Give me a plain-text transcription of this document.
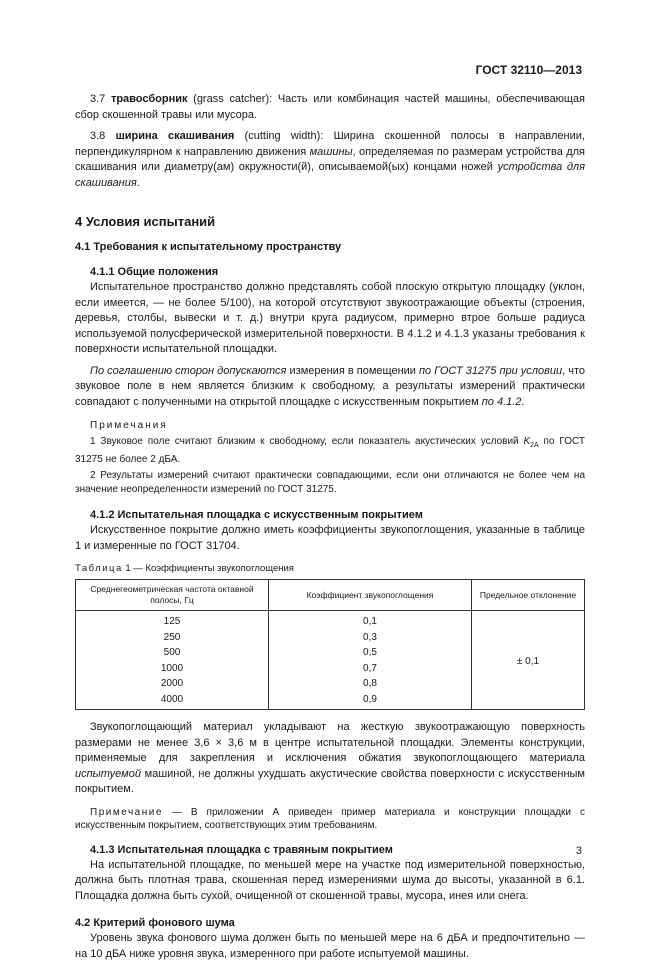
ГОСТ 32110—2013

3.7 травосборник (grass catcher): Часть или комбинация частей машины, обеспечивающая сбор скошенной травы или мусора.

3.8 ширина скашивания (cutting width): Ширина скошенной полосы в направлении, перпендикулярном к направлению движения машины, определяемая по размерам устройства для скашивания или диаметру(ам) окружности(й), описываемой(ых) концами ножей устройства для скашивания.

4 Условия испытаний
4.1 Требования к испытательному пространству
4.1.1 Общие положения

Испытательное пространство должно представлять собой плоскую открытую площадку (уклон, если имеется, — не более 5/100), на которой отсутствуют звукоотражающие объекты (строения, деревья, столбы, вывески и т. д.) внутри круга радиусом, примерно втрое больше радиуса используемой полусферической измерительной поверхности. В 4.1.2 и 4.1.3 указаны требования к поверхности испытательной площадки.

По соглашению сторон допускаются измерения в помещении по ГОСТ 31275 при условии, что звуковое поле в нем является близким к свободному, а результаты измерений практически совпадают с полученными на открытой площадке с искусственным покрытием по 4.1.2.

Примечания

1 Звуковое поле считают близким к свободному, если показатель акустических условий $K_{2A}$ по ГОСТ 31275 не более 2 дБА.

2 Результаты измерений считают практически совпадающими, если они отличаются не более чем на значение неопределенности измерений по ГОСТ 31275.

4.1.2 Испытательная площадка с искусственным покрытием

Искусственное покрытие должно иметь коэффициенты звукопоглощения, указанные в таблице 1 и измеренные по ГОСТ 31704.

Таблица 1 — Коэффициенты звукопоглощения
Среднегеометрическая частота октавной полосы, Гц	Коэффициент звукопоглощения	Предельное отклонение
125	0,1	± 0,1
250	0,3	
500	0,5	
1000	0,7	
2000	0,8	
4000	0,9	

Звукопоглощающий материал укладывают на жесткую звукоотражающую поверхность размерами не менее 3,6 × 3,6 м в центре испытательной площадки. Элементы конструкции, применяемые для закрепления и исключения обжатия звукопоглощающего материала испытуемой машиной, не должны ухудшать акустические свойства поверхности с искусственным покрытием.

Примечание — В приложении А приведен пример материала и конструкции площадки с искусственным покрытием, соответствующих этим требованиям.

4.1.3 Испытательная площадка с травяным покрытием

На испытательной площадке, по меньшей мере на участке под измерительной поверхностью, должна быть плотная трава, скошенная перед измерениями шума до высоты, указанной в 6.1. Площадка должна быть сухой, очищенной от скошенной травы, мусора, инея или снега.

4.2 Критерий фонового шума

Уровень звука фонового шума должен быть по меньшей мере на 6 дБА и предпочтительно — на 10 дБА ниже уровня звука, измеренного при работе испытуемой машины.

3
